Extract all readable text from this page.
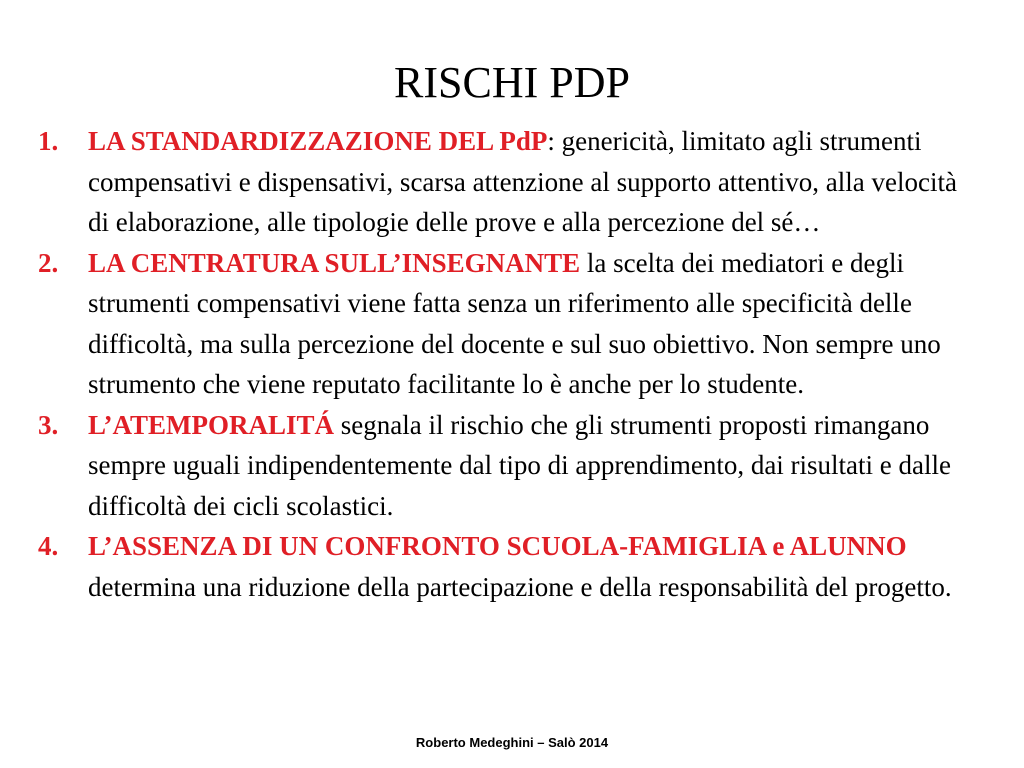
RISCHI PDP
1. LA STANDARDIZZAZIONE DEL PdP: genericità, limitato agli strumenti compensativi e dispensativi, scarsa attenzione al supporto attentivo, alla velocità di elaborazione, alle tipologie delle prove e alla percezione del sé…
2. LA CENTRATURA SULL’INSEGNANTE la scelta dei mediatori e degli strumenti compensativi viene fatta senza un riferimento alle specificità delle difficoltà, ma sulla percezione del docente e sul suo obiettivo. Non sempre uno strumento che viene reputato facilitante lo è anche per lo studente.
3. L’ATEMPORALITÁ segnala il rischio che gli strumenti proposti rimangano sempre uguali indipendentemente dal tipo di apprendimento, dai risultati e dalle difficoltà dei cicli scolastici.
4. L’ASSENZA DI UN CONFRONTO SCUOLA-FAMIGLIA e ALUNNO determina una riduzione della partecipazione e della responsabilità del progetto.
Roberto Medeghini – Salò 2014
